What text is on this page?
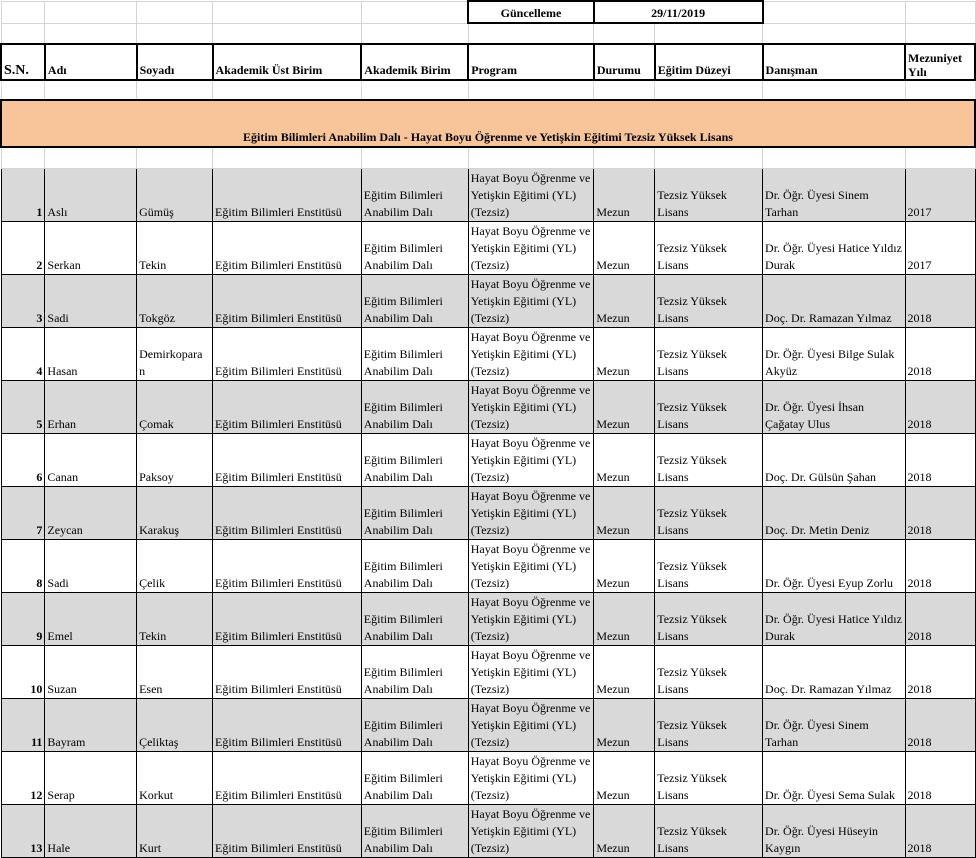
					Güncelleme	29/11/2019			

S.N.	Adı	Soyadı	Akademik Üst Birim	Akademik Birim	Program	Durumu	Eğitim Düzeyi	Danışman	Mezuniyet Yılı

Eğitim Bilimleri Anabilim Dalı - Hayat Boyu Öğrenme ve Yetişkin Eğitimi Tezsiz Yüksek Lisans									

1	Aslı	Gümüş	Eğitim Bilimleri Enstitüsü	Eğitim Bilimleri Anabilim Dalı	Hayat Boyu Öğrenme ve Yetişkin Eğitimi (YL) (Tezsiz)	Mezun	Tezsiz Yüksek Lisans	Dr. Öğr. Üyesi Sinem Tarhan	2017
2	Serkan	Tekin	Eğitim Bilimleri Enstitüsü	Eğitim Bilimleri Anabilim Dalı	Hayat Boyu Öğrenme ve Yetişkin Eğitimi (YL) (Tezsiz)	Mezun	Tezsiz Yüksek Lisans	Dr. Öğr. Üyesi Hatice Yıldız Durak	2017
3	Sadi	Tokgöz	Eğitim Bilimleri Enstitüsü	Eğitim Bilimleri Anabilim Dalı	Hayat Boyu Öğrenme ve Yetişkin Eğitimi (YL) (Tezsiz)	Mezun	Tezsiz Yüksek Lisans	Doç. Dr. Ramazan Yılmaz	2018
4	Hasan	Demirkopara n	Eğitim Bilimleri Enstitüsü	Eğitim Bilimleri Anabilim Dalı	Hayat Boyu Öğrenme ve Yetişkin Eğitimi (YL) (Tezsiz)	Mezun	Tezsiz Yüksek Lisans	Dr. Öğr. Üyesi Bilge Sulak Akyüz	2018
5	Erhan	Çomak	Eğitim Bilimleri Enstitüsü	Eğitim Bilimleri Anabilim Dalı	Hayat Boyu Öğrenme ve Yetişkin Eğitimi (YL) (Tezsiz)	Mezun	Tezsiz Yüksek Lisans	Dr. Öğr. Üyesi İhsan Çağatay Ulus	2018
6	Canan	Paksoy	Eğitim Bilimleri Enstitüsü	Eğitim Bilimleri Anabilim Dalı	Hayat Boyu Öğrenme ve Yetişkin Eğitimi (YL) (Tezsiz)	Mezun	Tezsiz Yüksek Lisans	Doç. Dr. Gülsün Şahan	2018
7	Zeycan	Karakuş	Eğitim Bilimleri Enstitüsü	Eğitim Bilimleri Anabilim Dalı	Hayat Boyu Öğrenme ve Yetişkin Eğitimi (YL) (Tezsiz)	Mezun	Tezsiz Yüksek Lisans	Doç. Dr. Metin Deniz	2018
8	Sadi	Çelik	Eğitim Bilimleri Enstitüsü	Eğitim Bilimleri Anabilim Dalı	Hayat Boyu Öğrenme ve Yetişkin Eğitimi (YL) (Tezsiz)	Mezun	Tezsiz Yüksek Lisans	Dr. Öğr. Üyesi Eyup Zorlu	2018
9	Emel	Tekin	Eğitim Bilimleri Enstitüsü	Eğitim Bilimleri Anabilim Dalı	Hayat Boyu Öğrenme ve Yetişkin Eğitimi (YL) (Tezsiz)	Mezun	Tezsiz Yüksek Lisans	Dr. Öğr. Üyesi Hatice Yıldız Durak	2018
10	Suzan	Esen	Eğitim Bilimleri Enstitüsü	Eğitim Bilimleri Anabilim Dalı	Hayat Boyu Öğrenme ve Yetişkin Eğitimi (YL) (Tezsiz)	Mezun	Tezsiz Yüksek Lisans	Doç. Dr. Ramazan Yılmaz	2018
11	Bayram	Çeliktaş	Eğitim Bilimleri Enstitüsü	Eğitim Bilimleri Anabilim Dalı	Hayat Boyu Öğrenme ve Yetişkin Eğitimi (YL) (Tezsiz)	Mezun	Tezsiz Yüksek Lisans	Dr. Öğr. Üyesi Sinem Tarhan	2018
12	Serap	Korkut	Eğitim Bilimleri Enstitüsü	Eğitim Bilimleri Anabilim Dalı	Hayat Boyu Öğrenme ve Yetişkin Eğitimi (YL) (Tezsiz)	Mezun	Tezsiz Yüksek Lisans	Dr. Öğr. Üyesi Sema Sulak	2018
13	Hale	Kurt	Eğitim Bilimleri Enstitüsü	Eğitim Bilimleri Anabilim Dalı	Hayat Boyu Öğrenme ve Yetişkin Eğitimi (YL) (Tezsiz)	Mezun	Tezsiz Yüksek Lisans	Dr. Öğr. Üyesi Hüseyin Kaygın	2018
